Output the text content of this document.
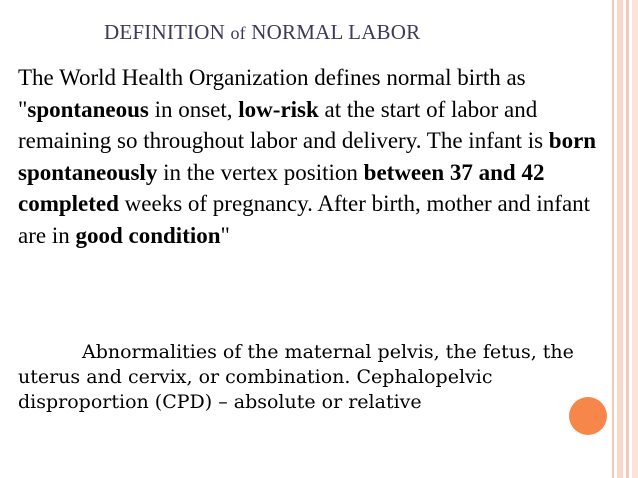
DEFINITION of NORMAL LABOR
The World Health Organization defines normal birth as "spontaneous in onset, low-risk at the start of labor and remaining so throughout labor and delivery. The infant is born spontaneously in the vertex position between 37 and 42 completed weeks of pregnancy. After birth, mother and infant are in good condition"
Abnormalities of the maternal pelvis, the fetus, the uterus and cervix, or combination. Cephalopelvic disproportion (CPD) – absolute or relative
